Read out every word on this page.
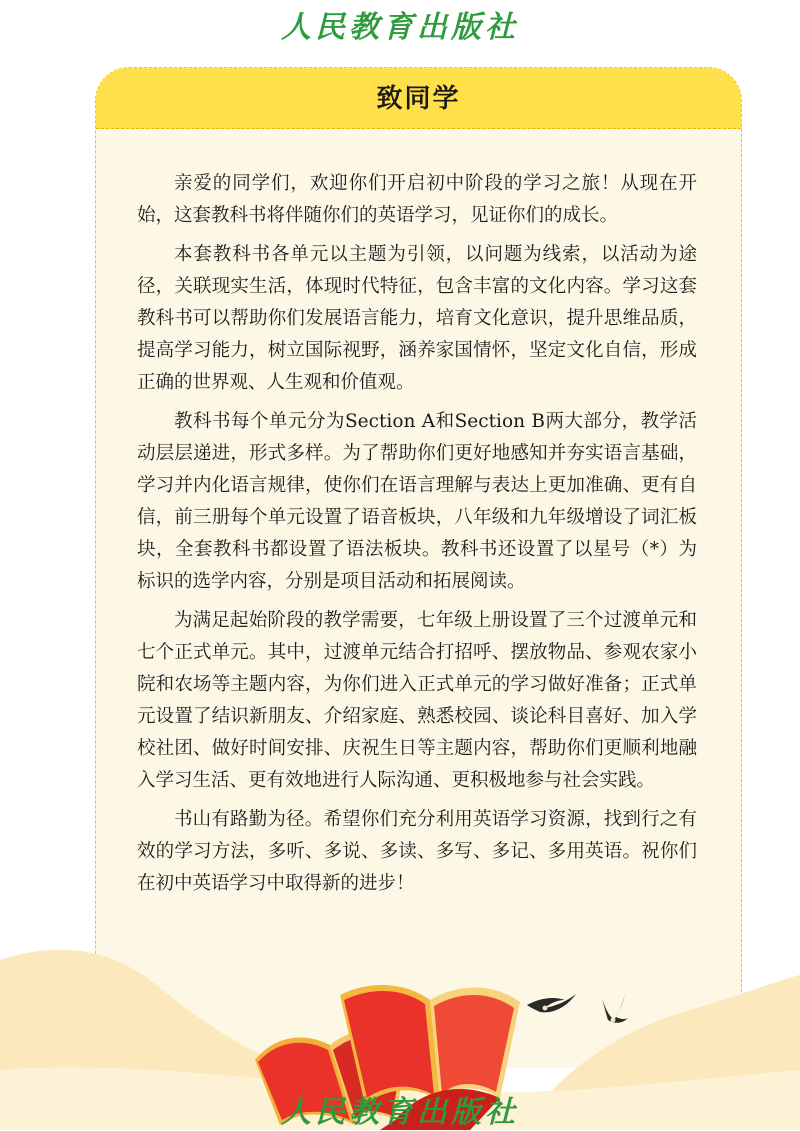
人民教育出版社
致同学

亲爱的同学们，欢迎你们开启初中阶段的学习之旅！从现在开始，这套教科书将伴随你们的英语学习，见证你们的成长。

本套教科书各单元以主题为引领，以问题为线索，以活动为途径，关联现实生活，体现时代特征，包含丰富的文化内容。学习这套教科书可以帮助你们发展语言能力，培育文化意识，提升思维品质，提高学习能力，树立国际视野，涵养家国情怀，坚定文化自信，形成正确的世界观、人生观和价值观。

教科书每个单元分为Section A和Section B两大部分，教学活动层层递进，形式多样。为了帮助你们更好地感知并夯实语言基础，学习并内化语言规律，使你们在语言理解与表达上更加准确、更有自信，前三册每个单元设置了语音板块，八年级和九年级增设了词汇板块，全套教科书都设置了语法板块。教科书还设置了以星号（*）为标识的选学内容，分别是项目活动和拓展阅读。

为满足起始阶段的教学需要，七年级上册设置了三个过渡单元和七个正式单元。其中，过渡单元结合打招呼、摆放物品、参观农家小院和农场等主题内容，为你们进入正式单元的学习做好准备；正式单元设置了结识新朋友、介绍家庭、熟悉校园、谈论科目喜好、加入学校社团、做好时间安排、庆祝生日等主题内容，帮助你们更顺利地融入学习生活、更有效地进行人际沟通、更积极地参与社会实践。

书山有路勤为径。希望你们充分利用英语学习资源，找到行之有效的学习方法，多听、多说、多读、多写、多记、多用英语。祝你们在初中英语学习中取得新的进步！

人民教育出版社
